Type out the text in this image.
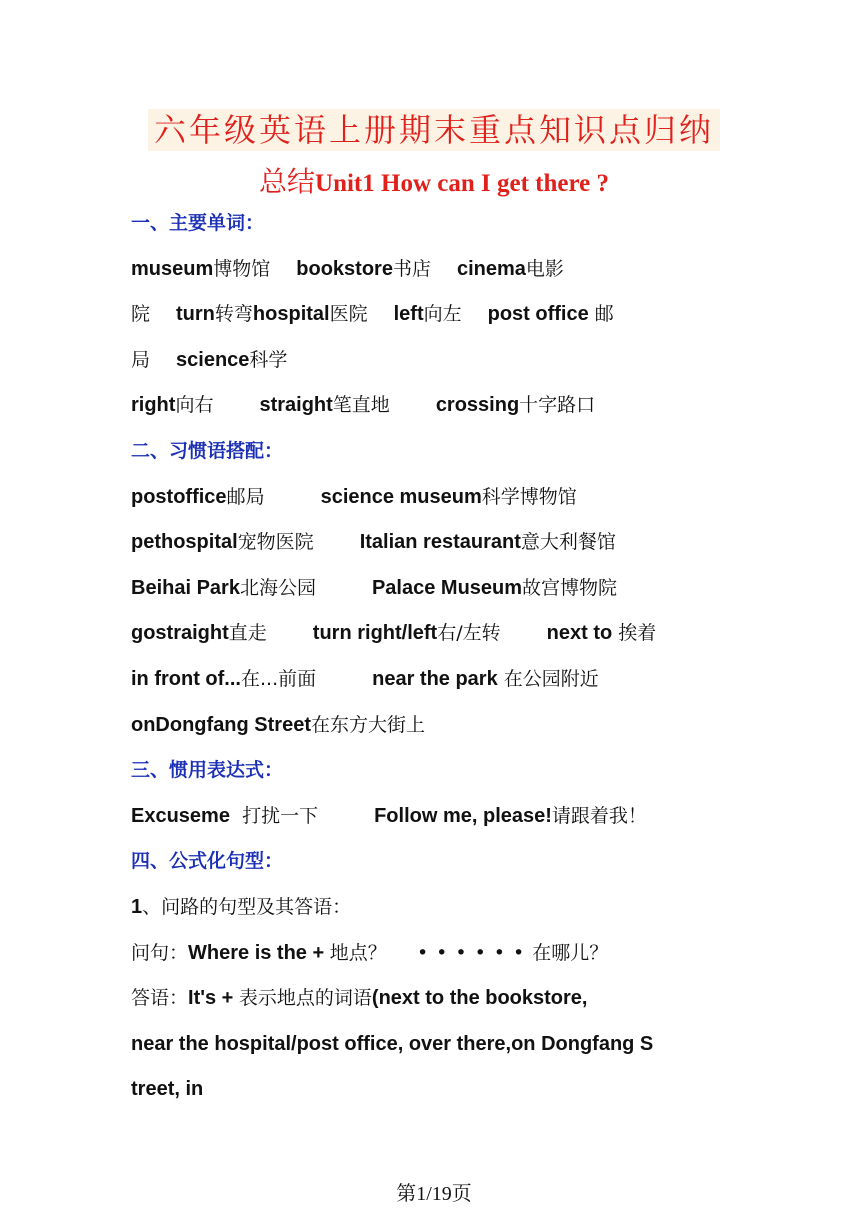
六年级英语上册期末重点知识点归纳
总结Unit1 How can I get there ?
一、主要单词：
museum博物馆 bookstore书店 cinema电影
院 turn转弯hospital医院 left向左 post office 邮
局 science科学
right向右 straight笔直地 crossing十字路口
二、习惯语搭配：
postoffice邮局	science museum科学博物馆
pethospital宠物医院 Italian restaurant意大利餐馆
Beihai Park北海公园	Palace Museum故宫博物院
gostraight直走 turn right/left右/左转 next to 挨着
in front of...在...前面	near the park 在公园附近
onDongfang Street在东方大街上
三、惯用表达式：
Excuseme 打扰一下	Follow me, please!请跟着我！
四、公式化句型：
1、问路的句型及其答语：
问句：Where is the + 地点？ ••••••在哪儿？
答语：It's + 表示地点的词语(next to the bookstore,
near the hospital/post office, over there,on Dongfang S
treet, in
第1/19页
